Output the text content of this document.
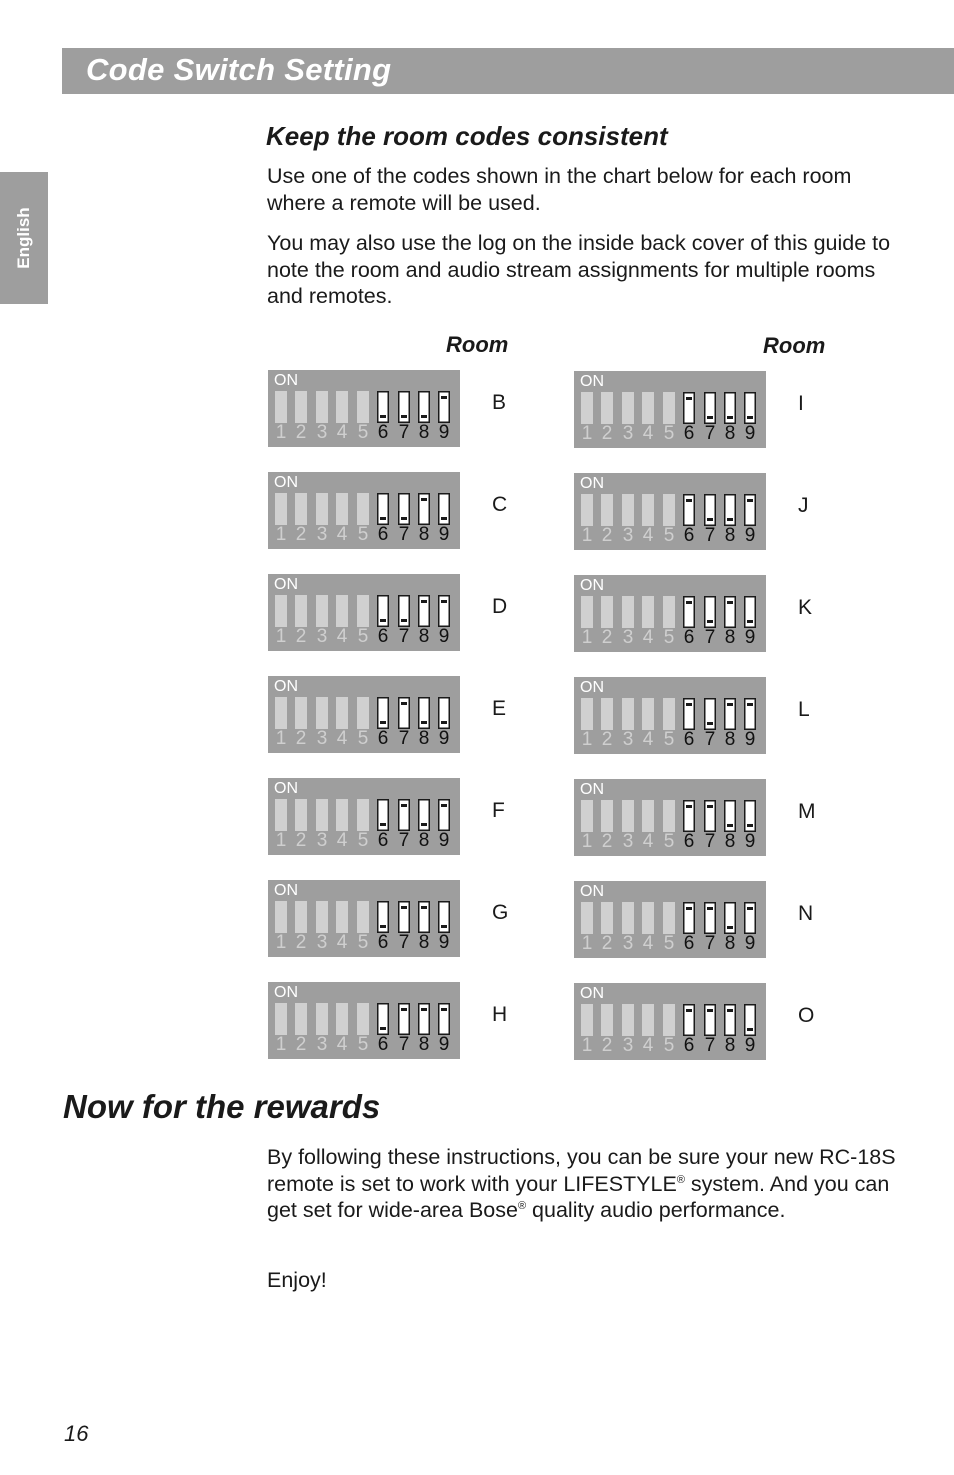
Code Switch Setting
English
Keep the room codes consistent
Use one of the codes shown in the chart below for each room where a remote will be used.
You may also use the log on the inside back cover of this guide to note the room and audio stream assignments for multiple rooms and remotes.
Room	Room
ON
1 2 3 4 5 6 7 8 9
B
ON
1 2 3 4 5 6 7 8 9
C
ON
1 2 3 4 5 6 7 8 9
D
ON
1 2 3 4 5 6 7 8 9
E
ON
1 2 3 4 5 6 7 8 9
F
ON
1 2 3 4 5 6 7 8 9
G
ON
1 2 3 4 5 6 7 8 9
H
ON
1 2 3 4 5 6 7 8 9
I
ON
1 2 3 4 5 6 7 8 9
J
ON
1 2 3 4 5 6 7 8 9
K
ON
1 2 3 4 5 6 7 8 9
L
ON
1 2 3 4 5 6 7 8 9
M
ON
1 2 3 4 5 6 7 8 9
N
ON
1 2 3 4 5 6 7 8 9
O
Now for the rewards
By following these instructions, you can be sure your new RC-18S remote is set to work with your LIFESTYLE® system. And you can get set for wide-area Bose® quality audio performance.
Enjoy!
16
